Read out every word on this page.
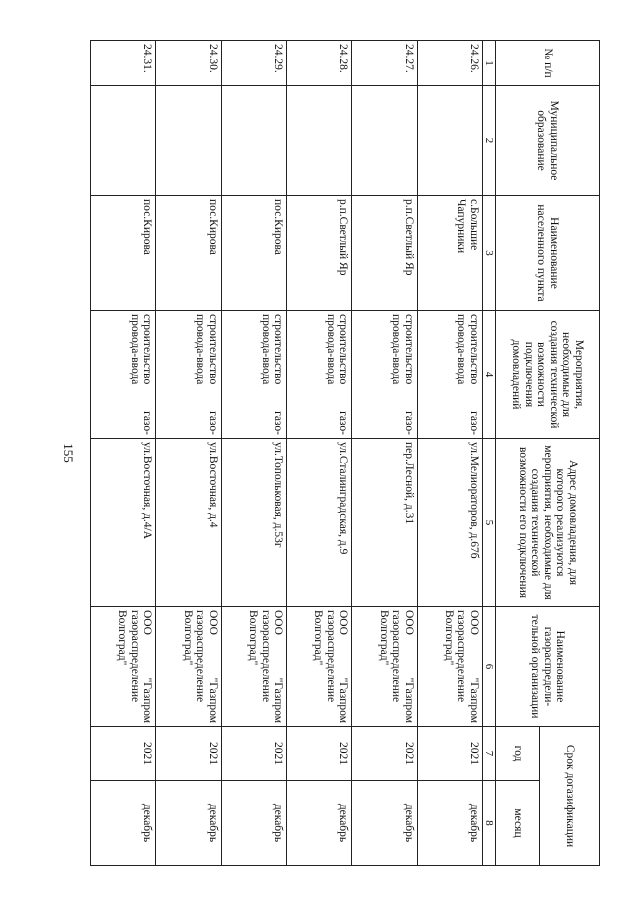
155
№ п/п	Муниципальное образование	Наименование населенного пункта	Мероприятия, необходимые для создания технической возможности подключения домовладений	Адрес домовладения, для которого реализуются мероприятия, необходимые для создания технической возможности его подключения	Наименование газораспредели-тельной организации	Срок догазификации	
						год	месяц
1	2	3	4	5	6	7	8
24.26.		с.Большие Чапурники	строительство газо-провода-ввода	ул.Мелиораторов, д.67б	ООО "Газпром газораспределение Волгоград"	2021	декабрь
24.27.		р.п.Светлый Яр	строительство газо-провода-ввода	пер.Лесной, д.31	ООО "Газпром газораспределение Волгоград"	2021	декабрь
24.28.		р.п.Светлый Яр	строительство газо-провода-ввода	ул.Сталинградская, д.9	ООО "Газпром газораспределение Волгоград"	2021	декабрь
24.29.		пос.Кирова	строительство газо-провода-ввода	ул.Топольковая, д.53г	ООО "Газпром газораспределение Волгоград"	2021	декабрь
24.30.		пос.Кирова	строительство газо-провода-ввода	ул.Восточная, д.4	ООО "Газпром газораспределение Волгоград"	2021	декабрь
24.31.		пос.Кирова	строительство газо-провода-ввода	ул.Восточная, д.4/А	ООО "Газпром газораспределение Волгоград"	2021	декабрь
